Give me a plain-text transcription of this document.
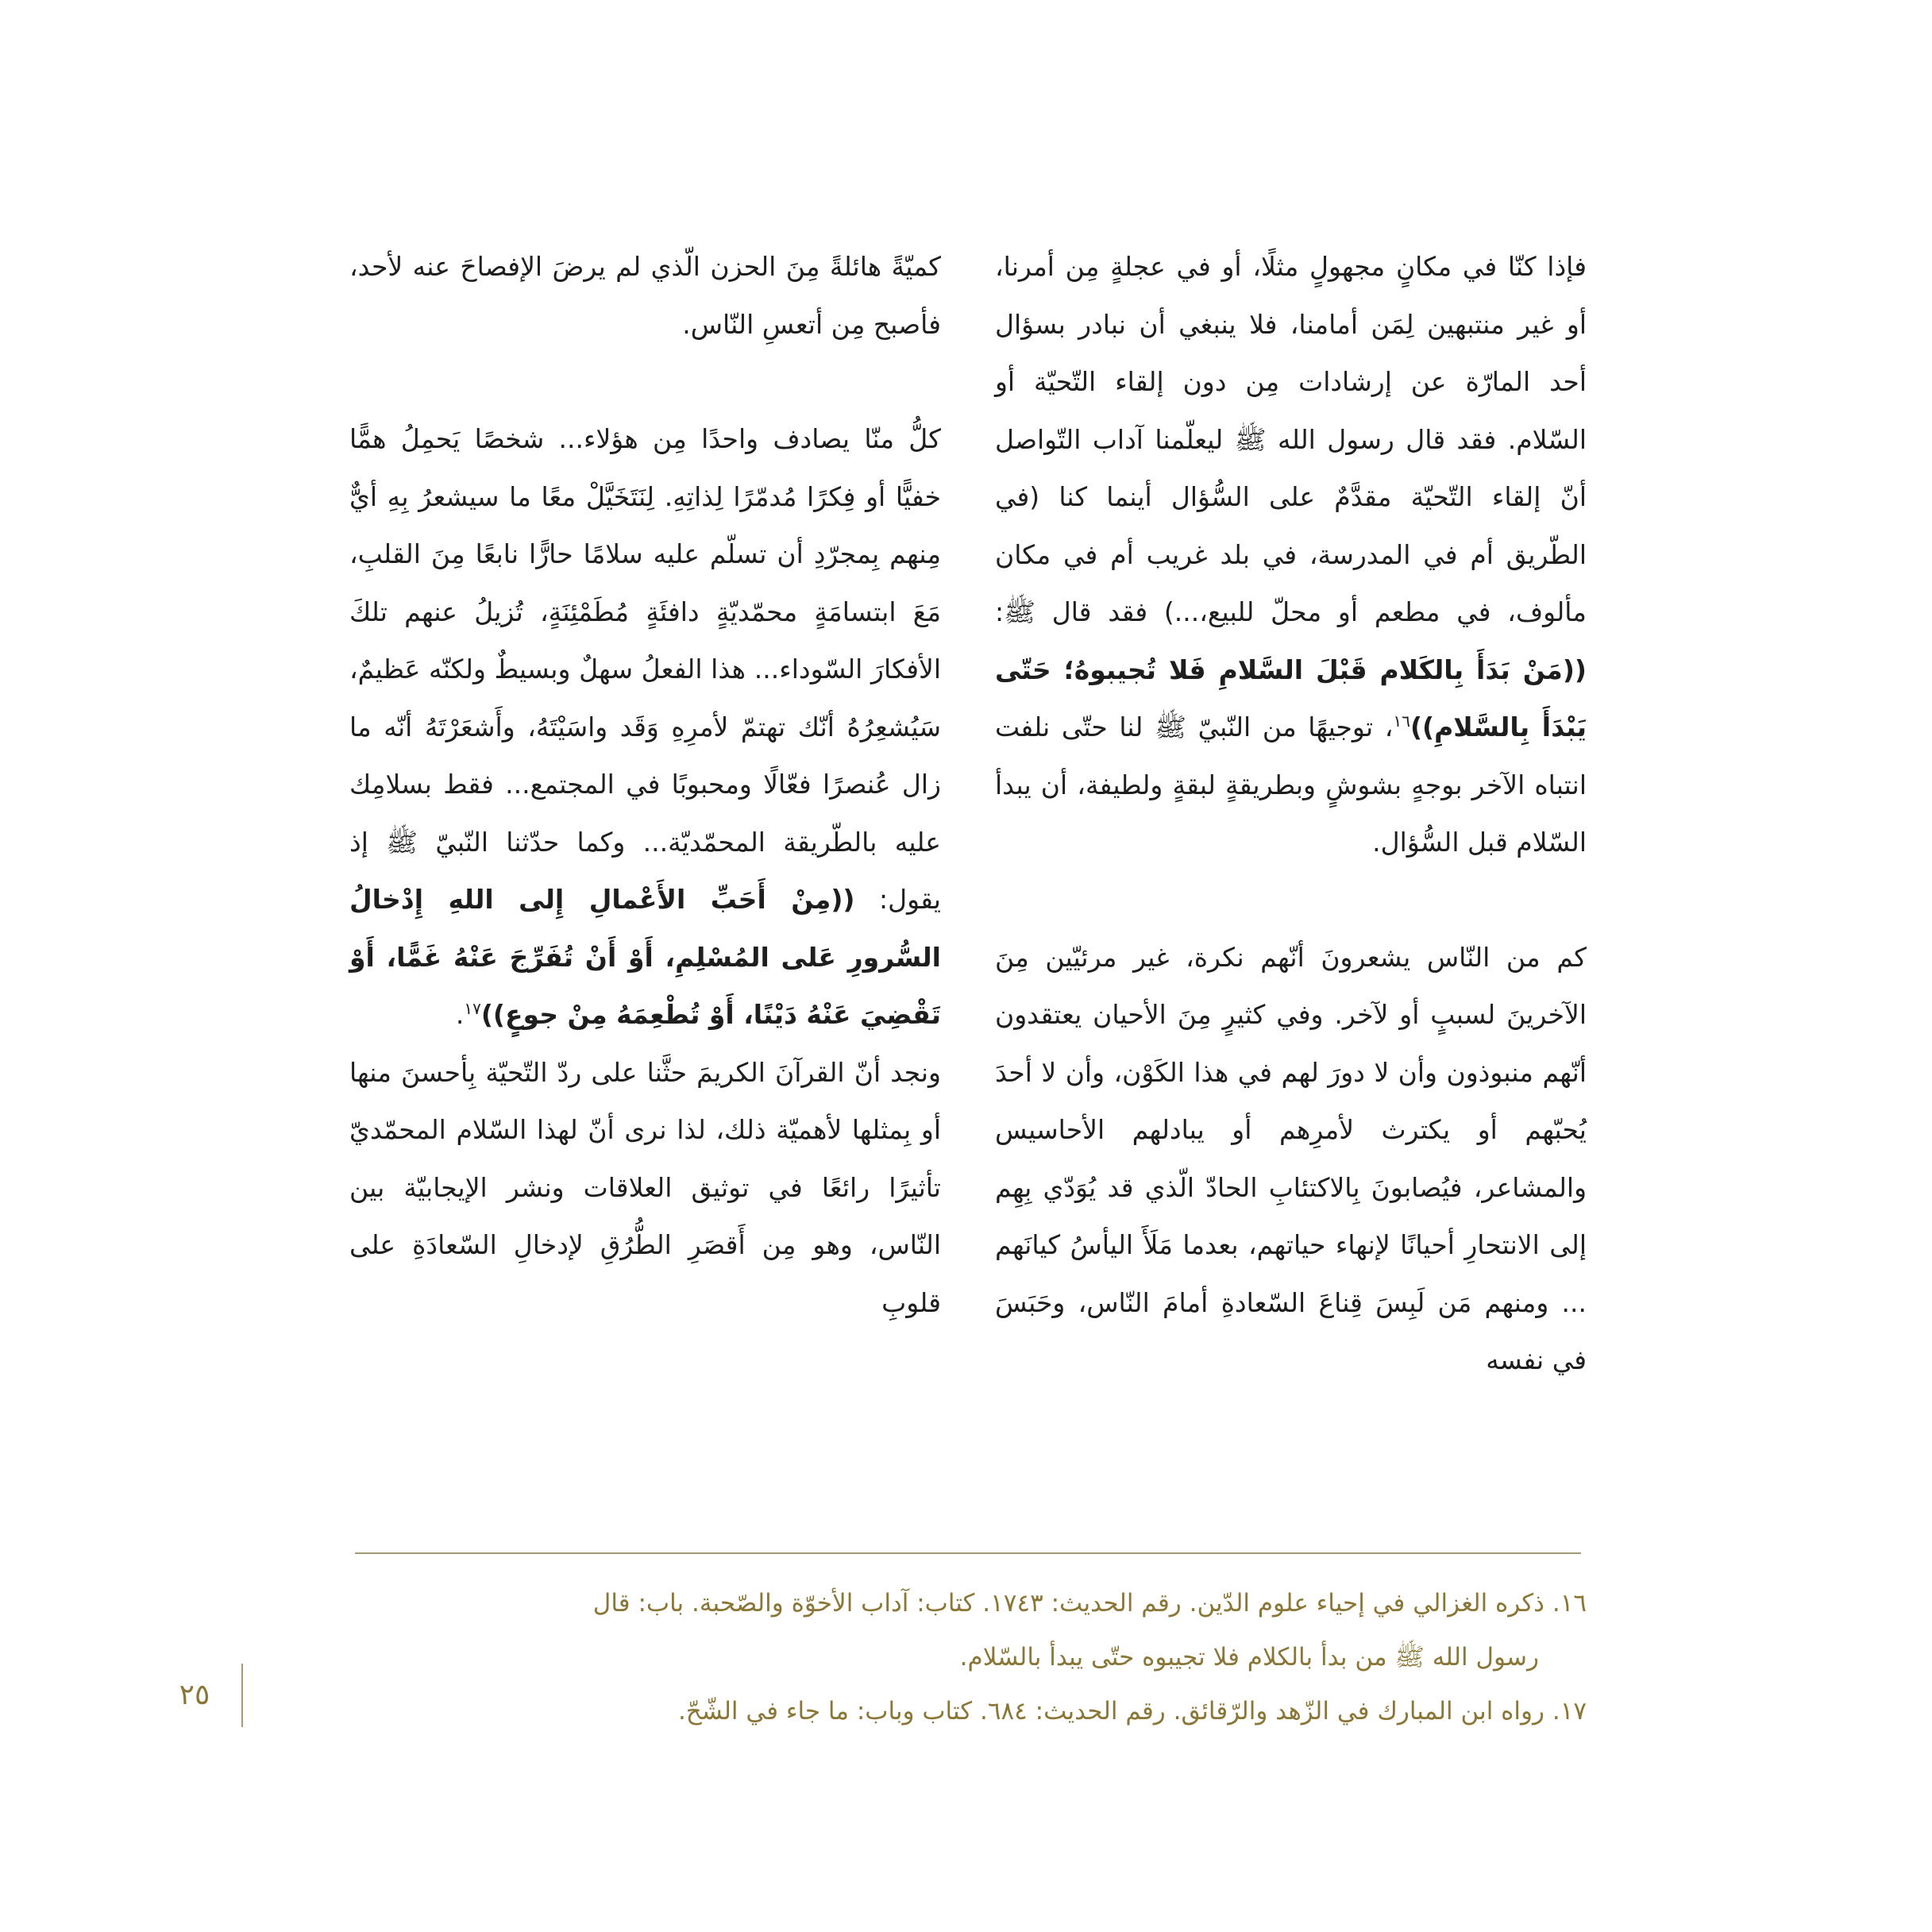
فإذا كنّا في مكانٍ مجهولٍ مثلًا، أو في عجلةٍ مِن أمرنا، أو غير منتبهين لِمَن أمامنا، فلا ينبغي أن نبادر بسؤال أحد المارّة عن إرشادات مِن دون إلقاء التّحيّة أو السّلام. فقد قال رسول الله ﷺ ليعلّمنا آداب التّواصل أنّ إلقاء التّحيّة مقدَّمٌ على السُّؤال أينما كنا (في الطّريق أم في المدرسة، في بلد غريب أم في مكان مألوف، في مطعم أو محلّ للبيع،...) فقد قال ﷺ: ((مَنْ بَدَأَ بِالكَلام قَبْلَ السَّلامِ فَلا تُجيبوهُ؛ حَتّى يَبْدَأَ بِالسَّلامِ))$^{١٦}$، توجيهًا من النّبيّ ﷺ لنا حتّى نلفت انتباه الآخر بوجهٍ بشوشٍ وبطريقةٍ لبقةٍ ولطيفة، أن يبدأ السّلام قبل السُّؤال.

كم من النّاس يشعرونَ أنّهم نكرة، غير مرئيّين مِنَ الآخرينَ لسببٍ أو لآخر. وفي كثيرٍ مِنَ الأحيان يعتقدون أنّهم منبوذون وأن لا دورَ لهم في هذا الكَوْن، وأن لا أحدَ يُحبّهم أو يكترث لأمرِهم أو يبادلهم الأحاسيس والمشاعر، فيُصابونَ بِالاكتئابِ الحادّ الّذي قد يُوَدّي بِهِم إلى الانتحارِ أحيانًا لإنهاء حياتهم، بعدما مَلَأَ اليأسُ كيانَهم ... ومنهم مَن لَبِسَ قِناعَ السّعادةِ أمامَ النّاس، وحَبَسَ في نفسه

كميّةً هائلةً مِنَ الحزن الّذي لم يرضَ الإفصاحَ عنه لأحد، فأصبح مِن أتعسِ النّاس.

كلُّ منّا يصادف واحدًا مِن هؤلاء... شخصًا يَحمِلُ همًّا خفيًّا أو فِكرًا مُدمّرًا لِذاتِهِ. لِنَتَخَيَّلْ معًا ما سيشعرُ بِهِ أيٌّ مِنهم بِمجرّدِ أن تسلّم عليه سلامًا حارًّا نابعًا مِنَ القلبِ، مَعَ ابتسامَةٍ محمّديّةٍ دافئَةٍ مُطَمْئِنَةٍ، تُزيلُ عنهم تلكَ الأفكارَ السّوداء... هذا الفعلُ سهلٌ وبسيطٌ ولكنّه عَظيمٌ، سَيُشعِرُهُ أنّك تهتمّ لأمرِهِ وَقَد واسَيْتَهُ، وأَشعَرْتَهُ أنّه ما زال عُنصرًا فعّالًا ومحبوبًا في المجتمع... فقط بسلامِك عليه بالطّريقة المحمّديّة... وكما حدّثنا النّبيّ ﷺ إذ يقول: ((مِنْ أَحَبِّ الأَعْمالِ إِلى اللهِ إِدْخالُ السُّرورِ عَلى المُسْلِمِ، أَوْ أَنْ تُفَرِّجَ عَنْهُ غَمًّا، أَوْ تَقْضِيَ عَنْهُ دَيْنًا، أَوْ تُطْعِمَهُ مِنْ جوعٍ))$^{١٧}$.

ونجد أنّ القرآنَ الكريمَ حثَّنا على ردّ التّحيّة بِأحسنَ منها أو بِمثلها لأهميّة ذلك، لذا نرى أنّ لهذا السّلام المحمّديّ تأثيرًا رائعًا في توثيق العلاقات ونشر الإيجابيّة بين النّاس، وهو مِن أَقصَرِ الطُّرُقِ لإدخالِ السّعادَةِ على قلوبِ

١٦. ذكره الغزالي في إحياء علوم الدّين. رقم الحديث: ١٧٤٣. كتاب: آداب الأخوّة والصّحبة. باب: قال

رسول الله ﷺ من بدأ بالكلام فلا تجيبوه حتّى يبدأ بالسّلام.

١٧. رواه ابن المبارك في الزّهد والرّقائق. رقم الحديث: ٦٨٤. كتاب وباب: ما جاء في الشّحّ.

٢٥
